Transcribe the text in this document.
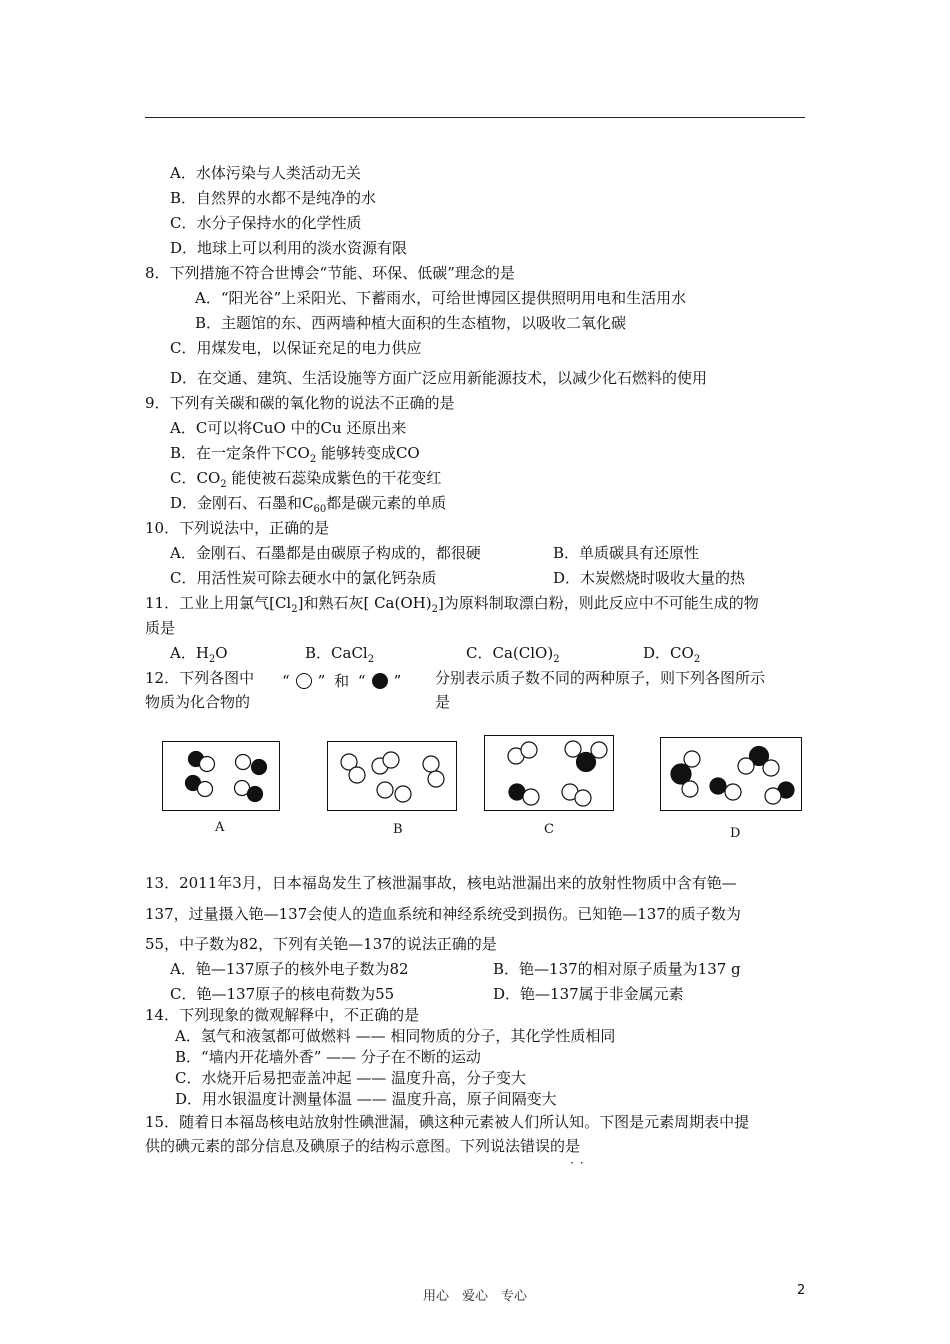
A．水体污染与人类活动无关
B．自然界的水都不是纯净的水
C．水分子保持水的化学性质
D．地球上可以利用的淡水资源有限
8．下列措施不符合世博会“节能、环保、低碳”理念的是
A．“阳光谷”上采阳光、下蓄雨水，可给世博园区提供照明用电和生活用水
B．主题馆的东、西两墙种植大面积的生态植物，以吸收二氧化碳
C．用煤发电，以保证充足的电力供应
D．在交通、建筑、生活设施等方面广泛应用新能源技术，以减少化石燃料的使用
9．下列有关碳和碳的氧化物的说法不正确的是
A．C可以将CuO 中的Cu 还原出来
B．在一定条件下$CO_2$ 能够转变成CO
C．$CO_2$ 能使被石蕊染成紫色的干花变红
D．金刚石、石墨和$C_{60}$都是碳元素的单质
10．下列说法中，正确的是
A．金刚石、石墨都是由碳原子构成的，都很硬	B．单质碳具有还原性
C．用活性炭可除去硬水中的氯化钙杂质	D．木炭燃烧时吸收大量的热
11．工业上用氯气$[Cl_2]$和熟石灰[ $Ca(OH)_2$]为原料制取漂白粉，则此反应中不可能生成的物
质是
A．$H_2O$	B．CaCl$_2$	C．$Ca(ClO)_2$	D．$CO_2$
12．下列各图中
物质为化合物的
“ ” 和 “ ” 分别表示质子数不同的两种原子，则下列各图所示
是
A	B	C	D
13．2011年3月，日本福岛发生了核泄漏事故，核电站泄漏出来的放射性物质中含有铯—
137，过量摄入铯—137会使人的造血系统和神经系统受到损伤。已知铯—137的质子数为
55，中子数为82，下列有关铯—137的说法正确的是
A．铯—137原子的核外电子数为82	B．铯—137的相对原子质量为137 g
C．铯—137原子的核电荷数为55	D．铯—137属于非金属元素
14．下列现象的微观解释中，不正确的是
A．氢气和液氢都可做燃料 —— 相同物质的分子，其化学性质相同
B．“墙内开花墙外香” —— 分子在不断的运动
C．水烧开后易把壶盖冲起 —— 温度升高，分子变大
D．用水银温度计测量体温 —— 温度升高，原子间隔变大
15．随着日本福岛核电站放射性碘泄漏，碘这种元素被人们所认知。下图是元素周期表中提
供的碘元素的部分信息及碘原子的结构示意图。下列说法错误的是
··
用心　爱心　专心	2
